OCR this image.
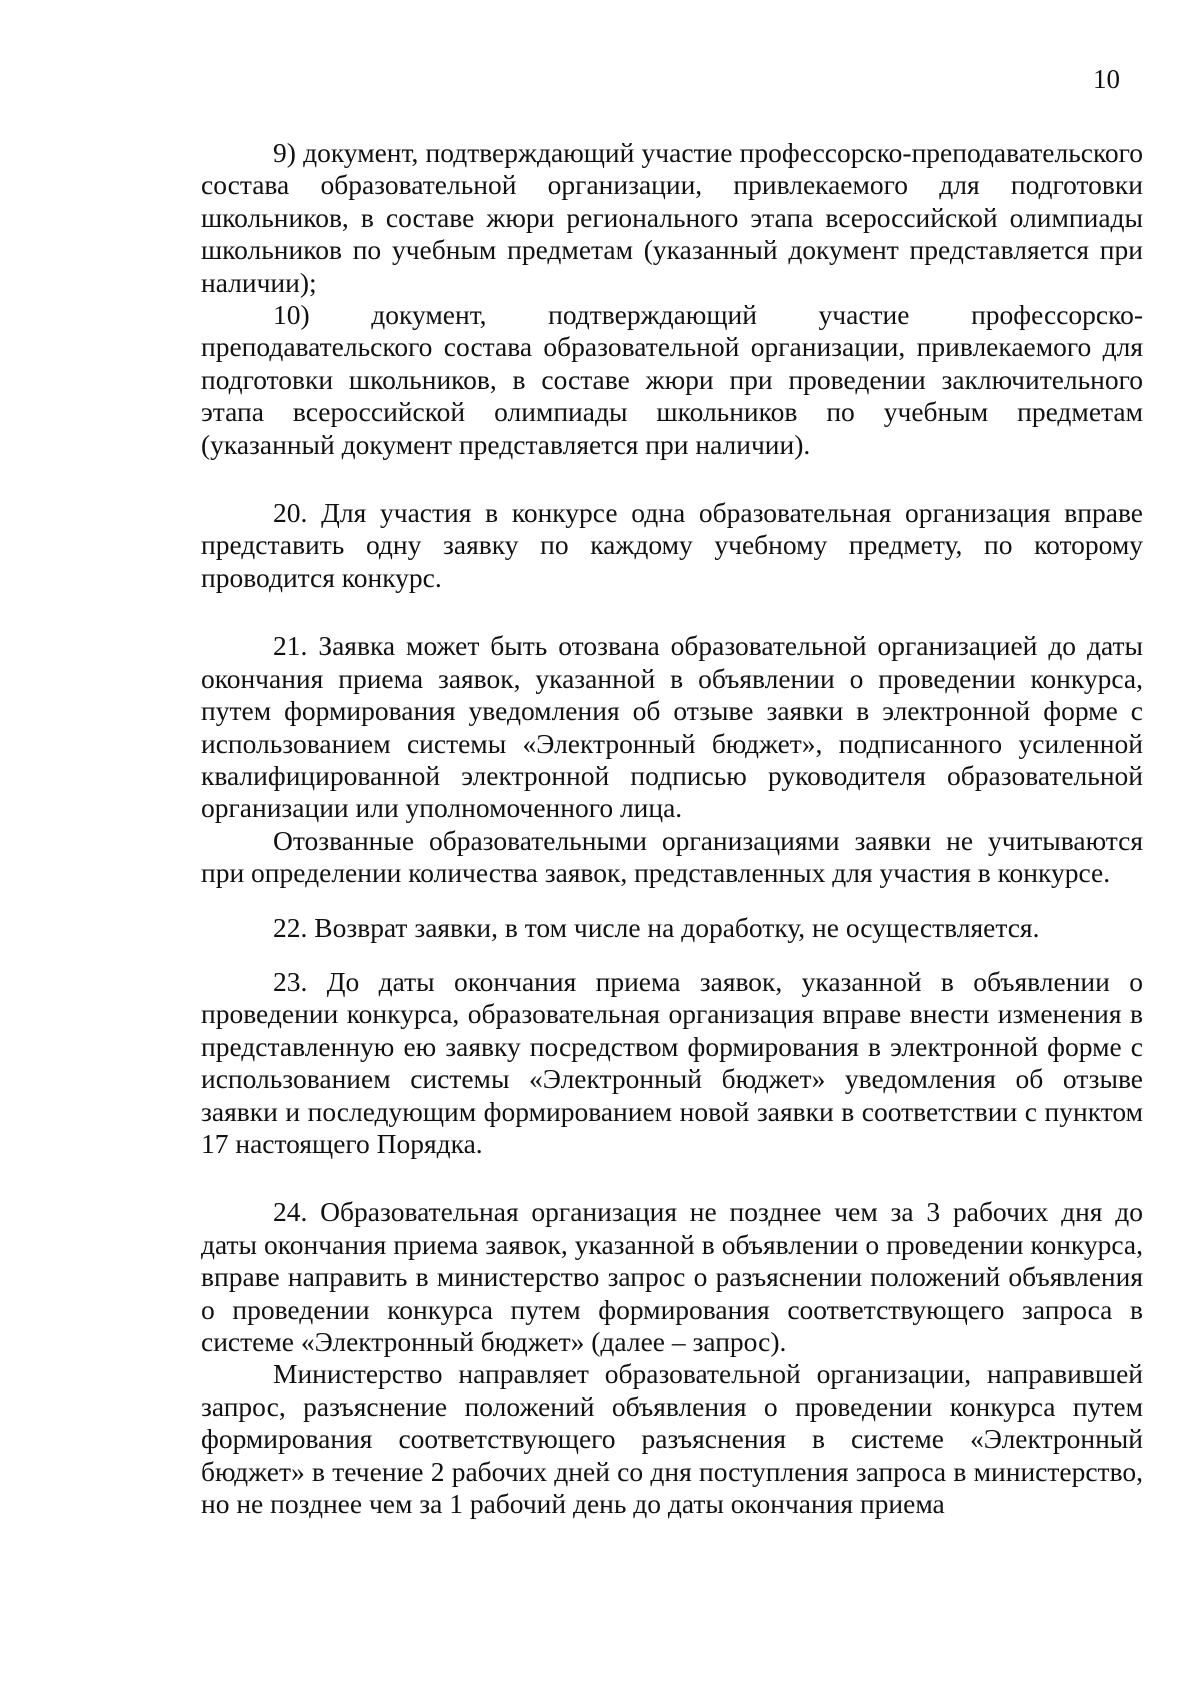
10

9) документ, подтверждающий участие профессорско-преподавательского состава образовательной организации, привлекаемого для подготовки школьников, в составе жюри регионального этапа всероссийской олимпиады школьников по учебным предметам (указанный документ представляется при наличии);

10) документ, подтверждающий участие профессорско-преподавательского состава образовательной организации, привлекаемого для подготовки школьников, в составе жюри при проведении заключительного этапа всероссийской олимпиады школьников по учебным предметам (указанный документ представляется при наличии).

20. Для участия в конкурсе одна образовательная организация вправе представить одну заявку по каждому учебному предмету, по которому проводится конкурс.

21. Заявка может быть отозвана образовательной организацией до даты окончания приема заявок, указанной в объявлении о проведении конкурса, путем формирования уведомления об отзыве заявки в электронной форме с использованием системы «Электронный бюджет», подписанного усиленной квалифицированной электронной подписью руководителя образовательной организации или уполномоченного лица.

Отозванные образовательными организациями заявки не учитываются при определении количества заявок, представленных для участия в конкурсе.

22. Возврат заявки, в том числе на доработку, не осуществляется.

23. До даты окончания приема заявок, указанной в объявлении о проведении конкурса, образовательная организация вправе внести изменения в представленную ею заявку посредством формирования в электронной форме с использованием системы «Электронный бюджет» уведомления об отзыве заявки и последующим формированием новой заявки в соответствии с пунктом 17 настоящего Порядка.

24. Образовательная организация не позднее чем за 3 рабочих дня до даты окончания приема заявок, указанной в объявлении о проведении конкурса, вправе направить в министерство запрос о разъяснении положений объявления о проведении конкурса путем формирования соответствующего запроса в системе «Электронный бюджет» (далее – запрос).

Министерство направляет образовательной организации, направившей запрос, разъяснение положений объявления о проведении конкурса путем формирования соответствующего разъяснения в системе «Электронный бюджет» в течение 2 рабочих дней со дня поступления запроса в министерство, но не позднее чем за 1 рабочий день до даты окончания приема
